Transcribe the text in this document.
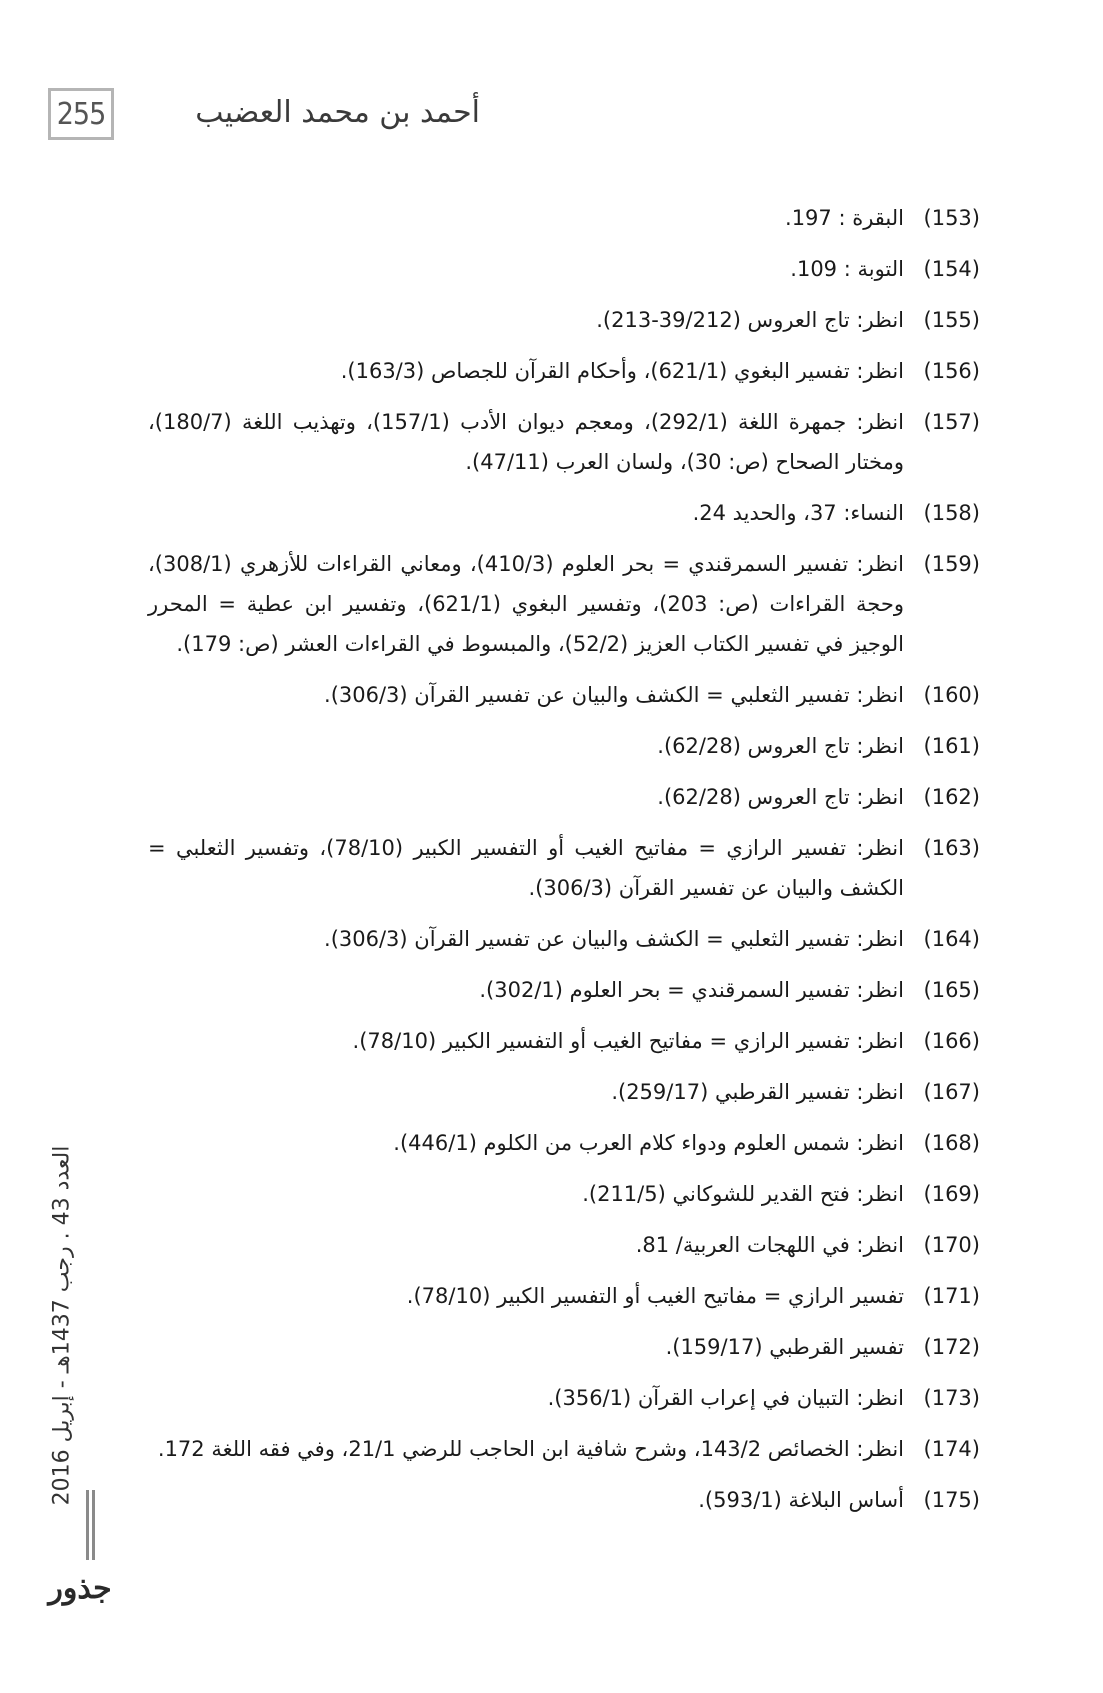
255	أحمد بن محمد العضيب
(153)
البقرة : 197.
(154)
التوبة : 109.
(155)
انظر: تاج العروس (39/212-213).
(156)
انظر: تفسير البغوي (621/1)، وأحكام القرآن للجصاص (163/3).
(157)
انظر: جمهرة اللغة (292/1)، ومعجم ديوان الأدب (157/1)، وتهذيب اللغة (180/7)، ومختار الصحاح (ص: 30)، ولسان العرب (47/11).
(158)
النساء: 37، والحديد 24.
(159)
انظر: تفسير السمرقندي = بحر العلوم (410/3)، ومعاني القراءات للأزهري (308/1)، وحجة القراءات (ص: 203)، وتفسير البغوي (621/1)، وتفسير ابن عطية = المحرر الوجيز في تفسير الكتاب العزيز (52/2)، والمبسوط في القراءات العشر (ص: 179).
(160)
انظر: تفسير الثعلبي = الكشف والبيان عن تفسير القرآن (306/3).
(161)
انظر: تاج العروس (62/28).
(162)
انظر: تاج العروس (62/28).
(163)
انظر: تفسير الرازي = مفاتيح الغيب أو التفسير الكبير (78/10)، وتفسير الثعلبي = الكشف والبيان عن تفسير القرآن (306/3).
(164)
انظر: تفسير الثعلبي = الكشف والبيان عن تفسير القرآن (306/3).
(165)
انظر: تفسير السمرقندي = بحر العلوم (302/1).
(166)
انظر: تفسير الرازي = مفاتيح الغيب أو التفسير الكبير (78/10).
(167)
انظر: تفسير القرطبي (259/17).
(168)
انظر: شمس العلوم ودواء كلام العرب من الكلوم (446/1).
(169)
انظر: فتح القدير للشوكاني (211/5).
(170)
انظر: في اللهجات العربية/ 81.
(171)
تفسير الرازي = مفاتيح الغيب أو التفسير الكبير (78/10).
(172)
تفسير القرطبي (159/17).
(173)
انظر: التبيان في إعراب القرآن (356/1).
(174)
انظر: الخصائص 143/2، وشرح شافية ابن الحاجب للرضي 21/1، وفي فقه اللغة 172.
(175)
أساس البلاغة (593/1).
العدد 43 . رجب 1437هـ - إبريل 2016
جذور
